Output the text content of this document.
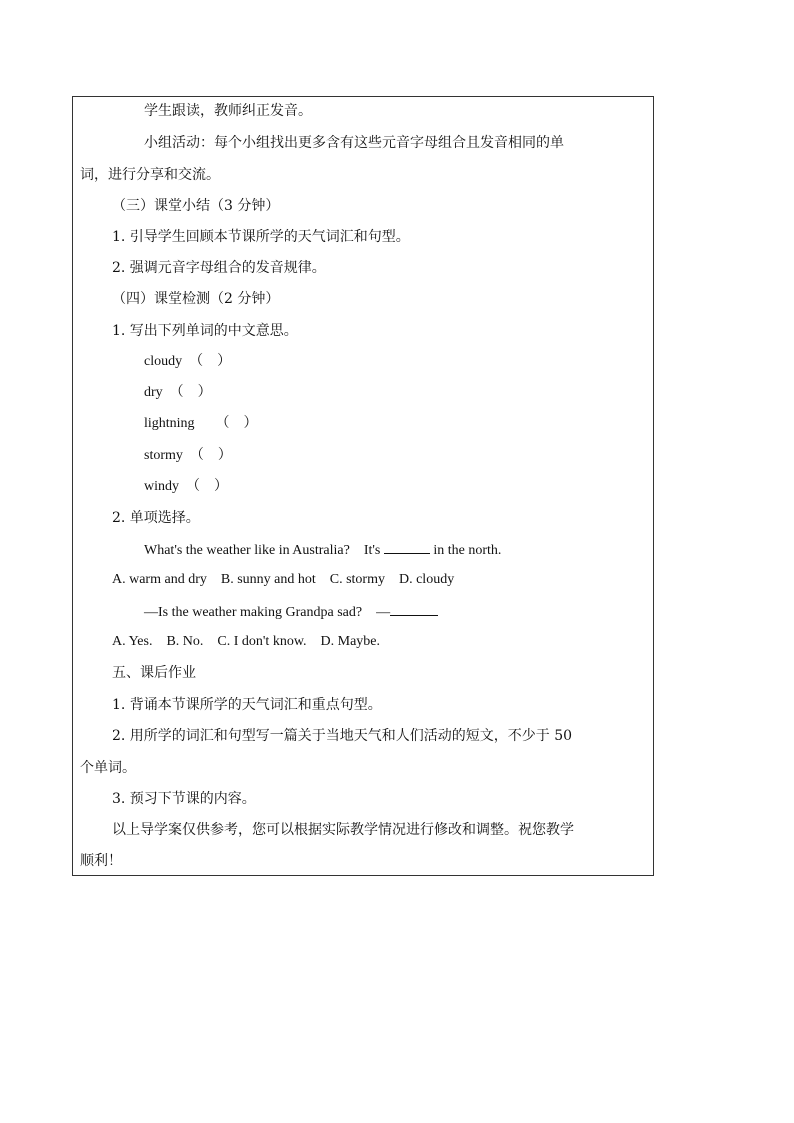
学生跟读，教师纠正发音。
小组活动：每个小组找出更多含有这些元音字母组合且发音相同的单
词，进行分享和交流。
（三）课堂小结（3 分钟）
1. 引导学生回顾本节课所学的天气词汇和句型。
2. 强调元音字母组合的发音规律。
（四）课堂检测（2 分钟）
1. 写出下列单词的中文意思。
cloudy　（　）
dry　（　）
lightning　　（　）
stormy　（　）
windy　（　）
2. 单项选择。
What's the weather like in Australia?　It's	in the north.
A. warm and dry　B. sunny and hot　C. stormy　D. cloudy
—Is the weather making Grandpa sad?　—
A. Yes.　B. No.　C. I don't know.　D. Maybe.
五、课后作业
1. 背诵本节课所学的天气词汇和重点句型。
2. 用所学的词汇和句型写一篇关于当地天气和人们活动的短文，不少于 50
个单词。
3. 预习下节课的内容。
以上导学案仅供参考，您可以根据实际教学情况进行修改和调整。祝您教学
顺利！
